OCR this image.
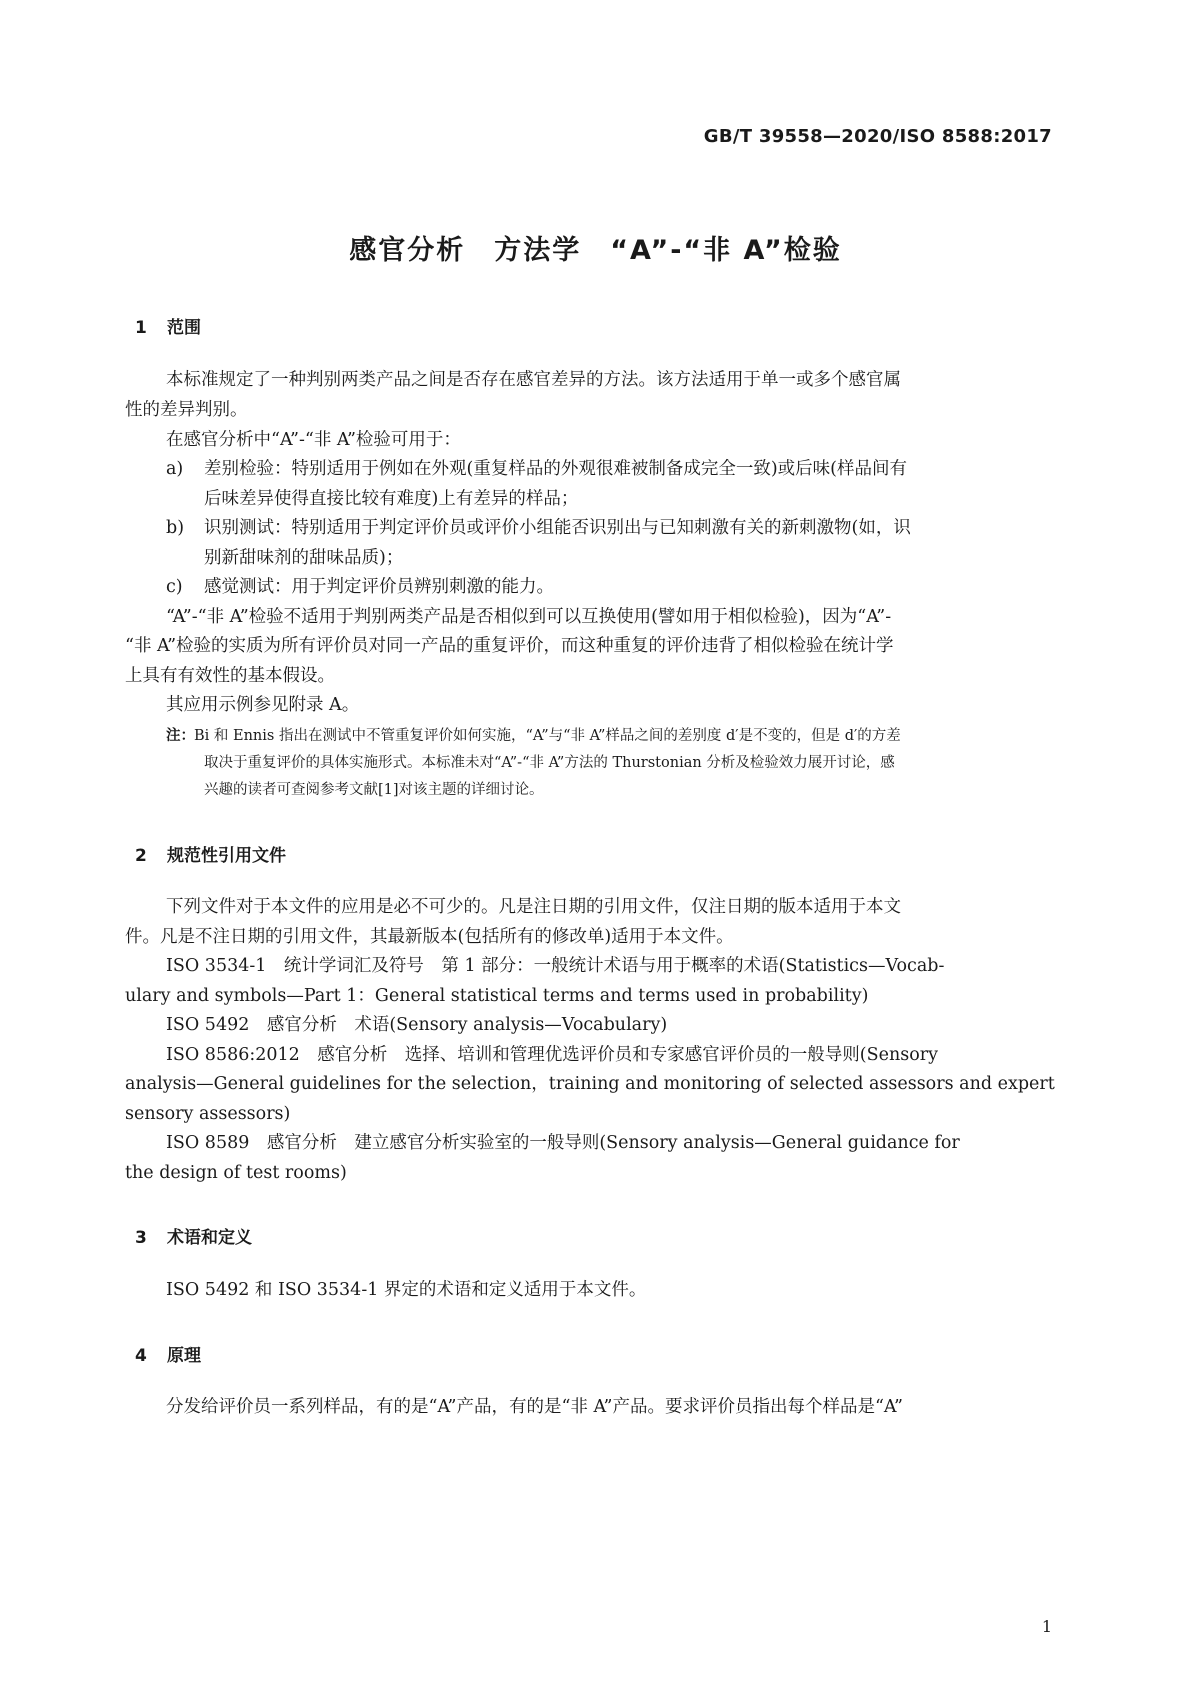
GB/T 39558—2020/ISO 8588:2017
感官分析　方法学　“A”-“非 A”检验
1 范围
本标准规定了一种判别两类产品之间是否存在感官差异的方法。该方法适用于单一或多个感官属
性的差异判别。
在感官分析中“A”-“非 A”检验可用于：
a) 差别检验：特别适用于例如在外观(重复样品的外观很难被制备成完全一致)或后味(样品间有
后味差异使得直接比较有难度)上有差异的样品；
b) 识别测试：特别适用于判定评价员或评价小组能否识别出与已知刺激有关的新刺激物(如，识
别新甜味剂的甜味品质)；
c) 感觉测试：用于判定评价员辨别刺激的能力。
“A”-“非 A”检验不适用于判别两类产品是否相似到可以互换使用(譬如用于相似检验)，因为“A”-
“非 A”检验的实质为所有评价员对同一产品的重复评价，而这种重复的评价违背了相似检验在统计学
上具有有效性的基本假设。
其应用示例参见附录 A。
注： Bi 和 Ennis 指出在测试中不管重复评价如何实施，“A”与“非 A”样品之间的差别度 d′是不变的，但是 d′的方差
取决于重复评价的具体实施形式。本标准未对“A”-“非 A”方法的 Thurstonian 分析及检验效力展开讨论，感
兴趣的读者可查阅参考文献[1]对该主题的详细讨论。
2 规范性引用文件
下列文件对于本文件的应用是必不可少的。凡是注日期的引用文件，仅注日期的版本适用于本文
件。凡是不注日期的引用文件，其最新版本(包括所有的修改单)适用于本文件。
ISO 3534-1　统计学词汇及符号　第 1 部分：一般统计术语与用于概率的术语(Statistics—Vocab-
ulary and symbols—Part 1：General statistical terms and terms used in probability)
ISO 5492　感官分析　术语(Sensory analysis—Vocabulary)
ISO 8586:2012　感官分析　选择、培训和管理优选评价员和专家感官评价员的一般导则(Sensory
analysis—General guidelines for the selection，training and monitoring of selected assessors and expert
sensory assessors)
ISO 8589　感官分析　建立感官分析实验室的一般导则(Sensory analysis—General guidance for
the design of test rooms)
3 术语和定义
ISO 5492 和 ISO 3534-1 界定的术语和定义适用于本文件。
4 原理
分发给评价员一系列样品，有的是“A”产品，有的是“非 A”产品。要求评价员指出每个样品是“A”
1
